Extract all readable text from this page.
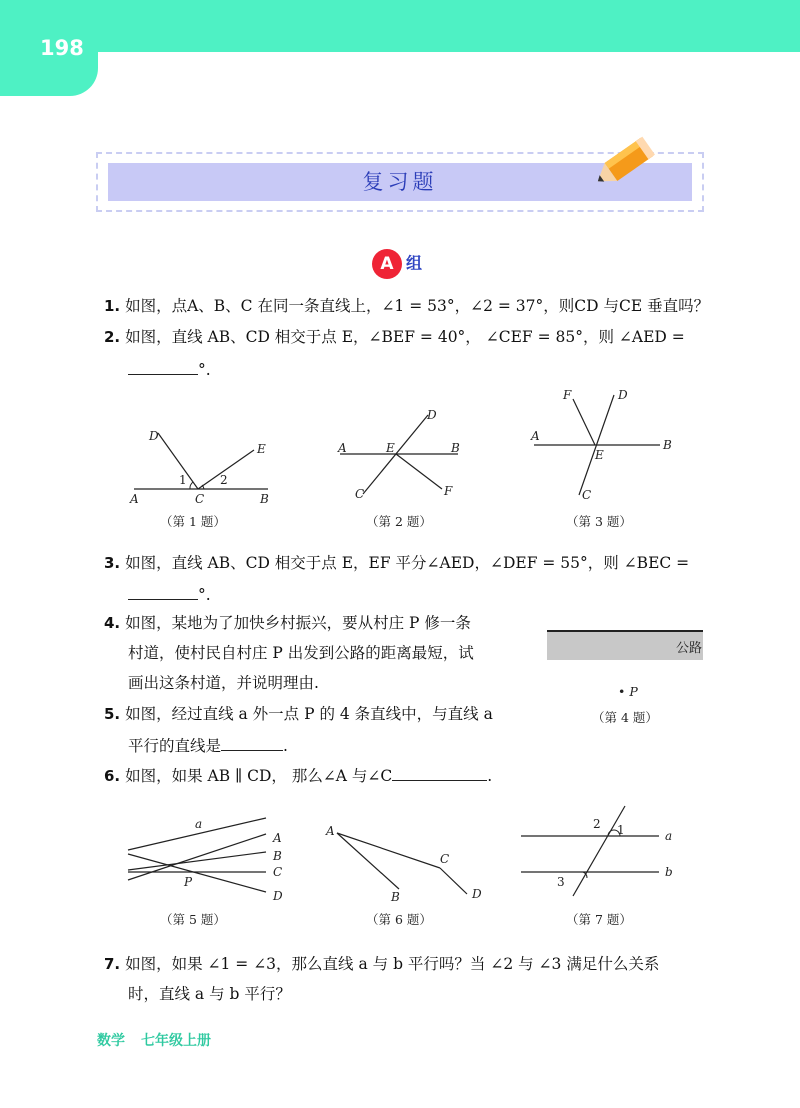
198
复习题
A 组
1. 如图，点A、B、C 在同一条直线上，∠1 = 53°，∠2 = 37°，则CD 与CE 垂直吗？
2. 如图，直线 AB、CD 相交于点 E，∠BEF = 40°， ∠CEF = 85°，则 ∠AED =
°.
D
E
A	C	B
1	2
（第 1 题）
D
A	E	B
C	F
（第 2 题）
F	D
A
E
B
C
（第 3 题）
3. 如图，直线 AB、CD 相交于点 E，EF 平分∠AED，∠DEF = 55°，则 ∠BEC =
°.
4. 如图，某地为了加快乡村振兴，要从村庄 P 修一条
村道，使村民自村庄 P 出发到公路的距离最短，试
画出这条村道，并说明理由.
公路
• P
（第 4 题）
5. 如图，经过直线 a 外一点 P 的 4 条直线中，与直线 a
平行的直线是	.
6. 如图，如果 AB ∥ CD， 那么∠A 与∠C	.
a
A
B
C
D
P
（第 5 题）
A
B
C
D
（第 6 题）
2 1	a
b
3
（第 7 题）
7. 如图，如果 ∠1 = ∠3，那么直线 a 与 b 平行吗？当 ∠2 与 ∠3 满足什么关系
时，直线 a 与 b 平行？
数学 七年级上册
